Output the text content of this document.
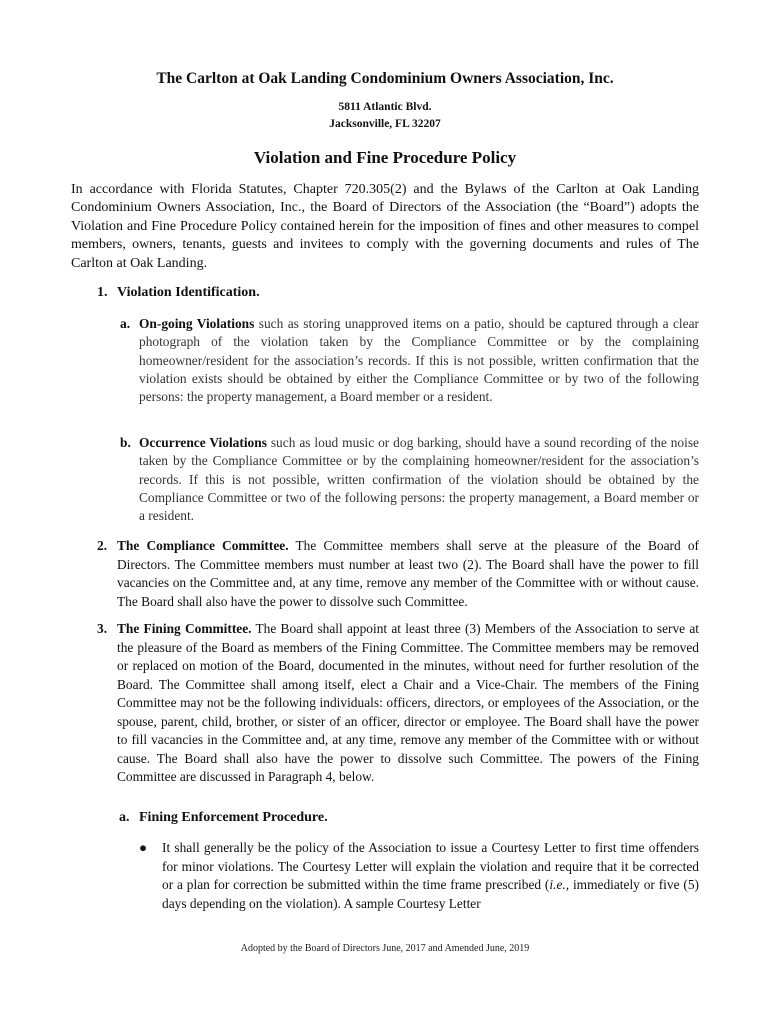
The Carlton at Oak Landing Condominium Owners Association, Inc.
5811 Atlantic Blvd.
Jacksonville, FL 32207
Violation and Fine Procedure Policy

In accordance with Florida Statutes, Chapter 720.305(2) and the Bylaws of the Carlton at Oak Landing Condominium Owners Association, Inc., the Board of Directors of the Association (the “Board”) adopts the Violation and Fine Procedure Policy contained herein for the imposition of fines and other measures to compel members, owners, tenants, guests and invitees to comply with the governing documents and rules of The Carlton at Oak Landing.

1. Violation Identification.

a. On-going Violations such as storing unapproved items on a patio, should be captured through a clear photograph of the violation taken by the Compliance Committee or by the complaining homeowner/resident for the association’s records. If this is not possible, written confirmation that the violation exists should be obtained by either the Compliance Committee or by two of the following persons: the property management, a Board member or a resident.

b. Occurrence Violations such as loud music or dog barking, should have a sound recording of the noise taken by the Compliance Committee or by the complaining homeowner/resident for the association’s records. If this is not possible, written confirmation of the violation should be obtained by the Compliance Committee or two of the following persons: the property management, a Board member or a resident.

2. The Compliance Committee. The Committee members shall serve at the pleasure of the Board of Directors. The Committee members must number at least two (2). The Board shall have the power to fill vacancies on the Committee and, at any time, remove any member of the Committee with or without cause. The Board shall also have the power to dissolve such Committee.

3. The Fining Committee. The Board shall appoint at least three (3) Members of the Association to serve at the pleasure of the Board as members of the Fining Committee. The Committee members may be removed or replaced on motion of the Board, documented in the minutes, without need for further resolution of the Board. The Committee shall among itself, elect a Chair and a Vice-Chair. The members of the Fining Committee may not be the following individuals: officers, directors, or employees of the Association, or the spouse, parent, child, brother, or sister of an officer, director or employee. The Board shall have the power to fill vacancies in the Committee and, at any time, remove any member of the Committee with or without cause. The Board shall also have the power to dissolve such Committee. The powers of the Fining Committee are discussed in Paragraph 4, below.

a. Fining Enforcement Procedure.

● It shall generally be the policy of the Association to issue a Courtesy Letter to first time offenders for minor violations. The Courtesy Letter will explain the violation and require that it be corrected or a plan for correction be submitted within the time frame prescribed (i.e., immediately or five (5) days depending on the violation). A sample Courtesy Letter

Adopted by the Board of Directors June, 2017 and Amended June, 2019
